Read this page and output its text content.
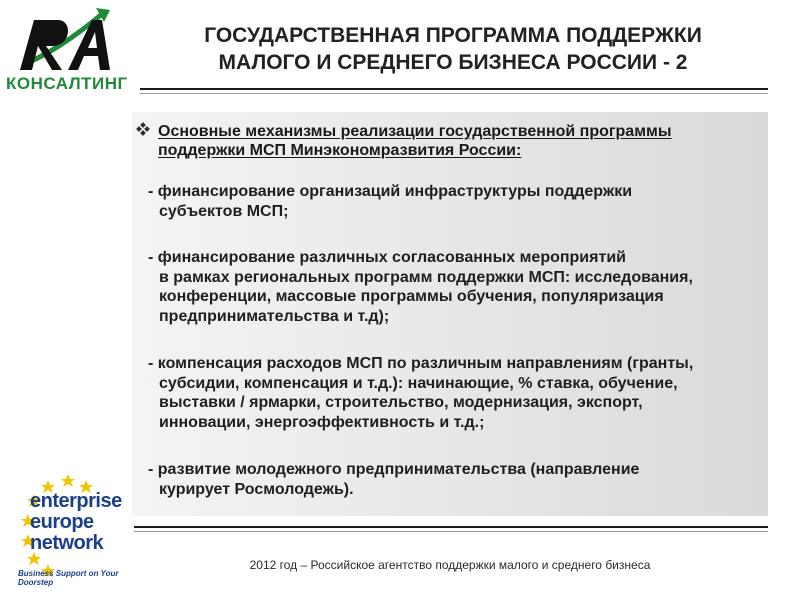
КОНСАЛТИНГ
ГОСУДАРСТВЕННАЯ ПРОГРАММА ПОДДЕРЖКИ
МАЛОГО И СРЕДНЕГО БИЗНЕСА РОССИИ - 2
Основные механизмы реализации государственной программы
поддержки МСП Минэкономразвития России:
- финансирование организаций инфраструктуры поддержки
субъектов МСП;
- финансирование различных согласованных мероприятий
в рамках региональных программ поддержки МСП: исследования,
конференции, массовые программы обучения, популяризация
предпринимательства и т.д);
- компенсация расходов МСП по различным направлениям (гранты,
субсидии, компенсация и т.д.): начинающие, % ставка, обучение,
выставки / ярмарки, строительство, модернизация, экспорт,
инновации, энергоэффективность и т.д.;
- развитие молодежного предпринимательства (направление
курирует Росмолодежь).
enterprise
europe
network
Business Support on Your Doorstep
2012 год – Российское агентство поддержки малого и среднего бизнеса
